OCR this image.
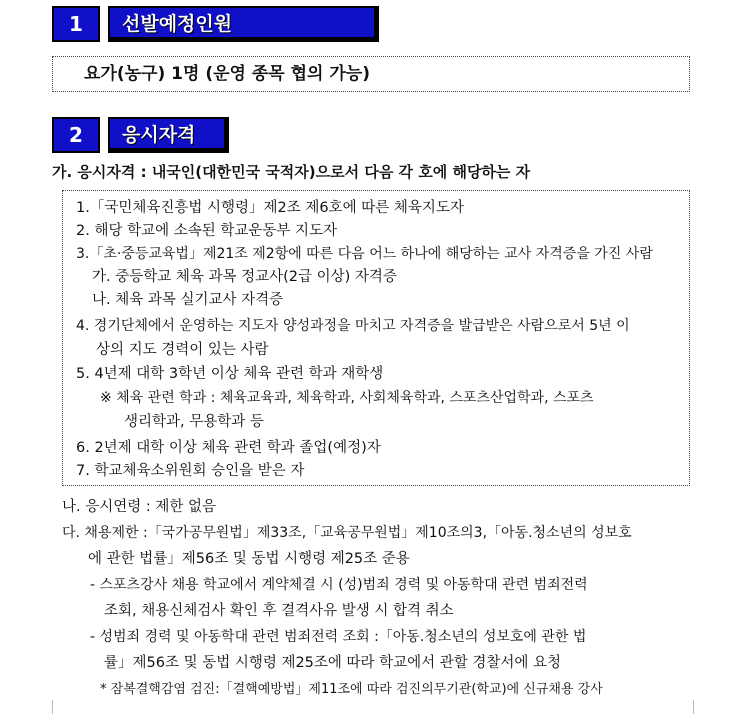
1	선발예정인원
요가(농구) 1명 (운영 종목 협의 가능)
2	응시자격
가. 응시자격 : 내국인(대한민국 국적자)으로서 다음 각 호에 해당하는 자
1.「국민체육진흥법 시행령」제2조 제6호에 따른 체육지도자
2. 해당 학교에 소속된 학교운동부 지도자
3.「초·중등교육법」제21조 제2항에 따른 다음 어느 하나에 해당하는 교사 자격증을 가진 사람
가. 중등학교 체육 과목 정교사(2급 이상) 자격증
나. 체육 과목 실기교사 자격증
4. 경기단체에서 운영하는 지도자 양성과정을 마치고 자격증을 발급받은 사람으로서 5년 이
상의 지도 경력이 있는 사람
5. 4년제 대학 3학년 이상 체육 관련 학과 재학생
※ 체육 관련 학과 : 체육교육과, 체육학과, 사회체육학과, 스포츠산업학과, 스포츠
생리학과, 무용학과 등
6. 2년제 대학 이상 체육 관련 학과 졸업(예정)자
7. 학교체육소위원회 승인을 받은 자
나. 응시연령 : 제한 없음
다. 채용제한 :「국가공무원법」제33조,「교육공무원법」제10조의3,「아동.청소년의 성보호
에 관한 법률」제56조 및 동법 시행령 제25조 준용
- 스포츠강사 채용 학교에서 계약체결 시 (성)범죄 경력 및 아동학대 관련 범죄전력
조회, 채용신체검사 확인 후 결격사유 발생 시 합격 취소
- 성범죄 경력 및 아동학대 관련 범죄전력 조회 :「아동.청소년의 성보호에 관한 법
률」제56조 및 동법 시행령 제25조에 따라 학교에서 관할 경찰서에 요청
* 잠복결핵감염 검진:「결핵예방법」제11조에 따라 검진의무기관(학교)에 신규채용 강사
